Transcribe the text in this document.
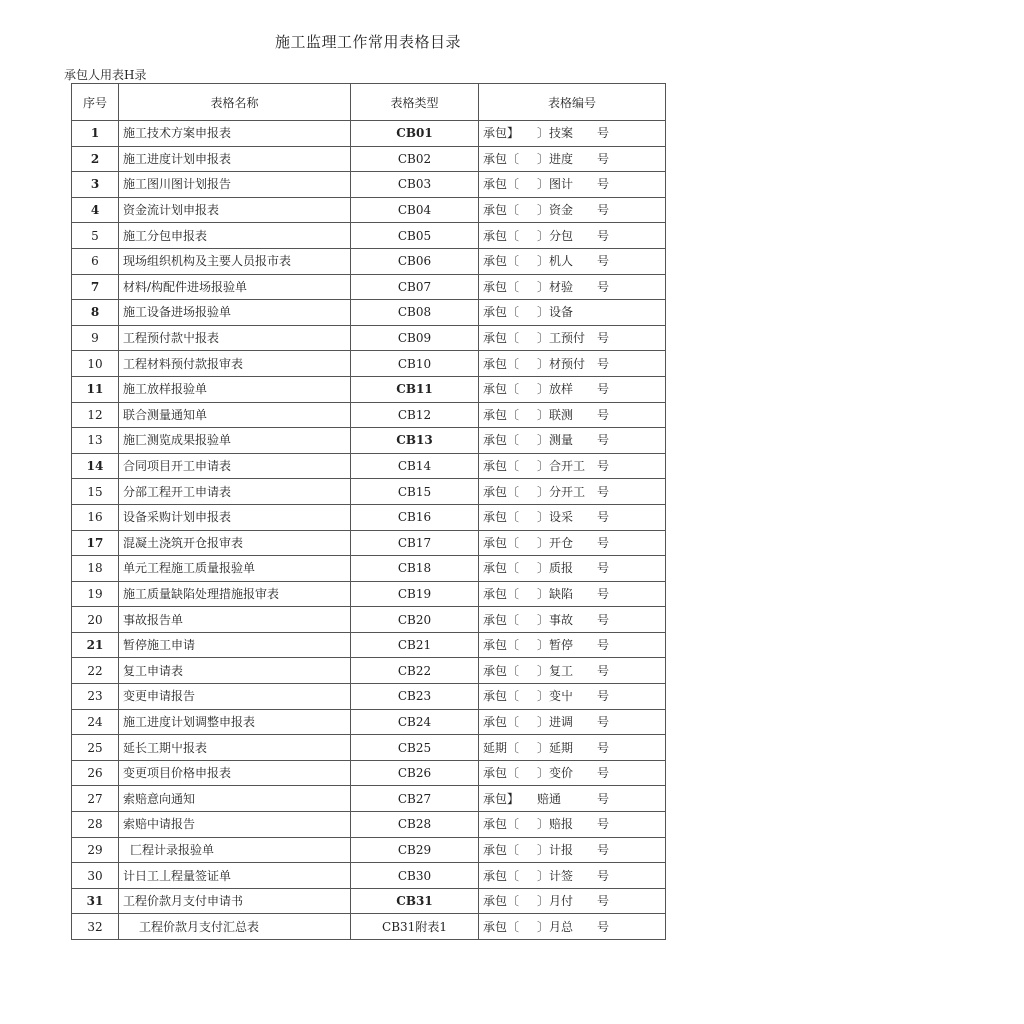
施工监理工作常用表格目录
承包人用表H录
序号	表格名称	表格类型	表格编号
1	施工技术方案申报表	CB01	承包】 〕技案 号
2	施工进度计划申报表	CB02	承包〔 〕进度 号
3	施工图川图计划报告	CB03	承包〔 〕图计 号
4	资金流计划申报表	CB04	承包〔 〕资金 号
5	施工分包申报表	CB05	承包〔 〕分包 号
6	现场组织机构及主要人员报市表	CB06	承包〔 〕机人 号
7	材料/构配件进场报验单	CB07	承包〔 〕材验 号
8	施工设备进场报验单	CB08	承包〔 〕设备
9	工程预付款屮报表	CB09	承包〔 〕工预付 号
10	工程材料预付款报审表	CB10	承包〔 〕材预付 号
11	施工放样报验单	CB11	承包〔 〕放样 号
12	联合测量通知单	CB12	承包〔 〕联测 号
13	施匸测览成果报验单	CB13	承包〔 〕测量 号
14	合同项目开工申请表	CB14	承包〔 〕合开工 号
15	分部工程开工申请表	CB15	承包〔 〕分开工 号
16	设备采购计划申报表	CB16	承包〔 〕设采 号
17	混凝土浇筑开仓报审表	CB17	承包〔 〕开仓 号
18	单元工程施工质量报验单	CB18	承包〔 〕质报 号
19	施工质量缺陷处理措施报审表	CB19	承包〔 〕缺陷 号
20	事故报告单	CB20	承包〔 〕事故 号
21	暂停施工申请	CB21	承包〔 〕暂停 号
22	复工申请表	CB22	承包〔 〕复工 号
23	变更申请报告	CB23	承包〔 〕变屮 号
24	施工进度计划调整申报表	CB24	承包〔 〕进调 号
25	延长工期屮报表	CB25	延期〔 〕延期 号
26	变更项目价格申报表	CB26	承包〔 〕变价 号
27	索赔意向通知	CB27	承包】 赔通 号
28	索赔中请报告	CB28	承包〔 〕赔报 号
29	匚程计录报验单	CB29	承包〔 〕计报 号
30	计日工丄程量签证单	CB30	承包〔 〕计签 号
31	工程价款月支付申请书	CB31	承包〔 〕月付 号
32	工程价款月支付汇总表	CB31附表1	承包〔 〕月总 号
